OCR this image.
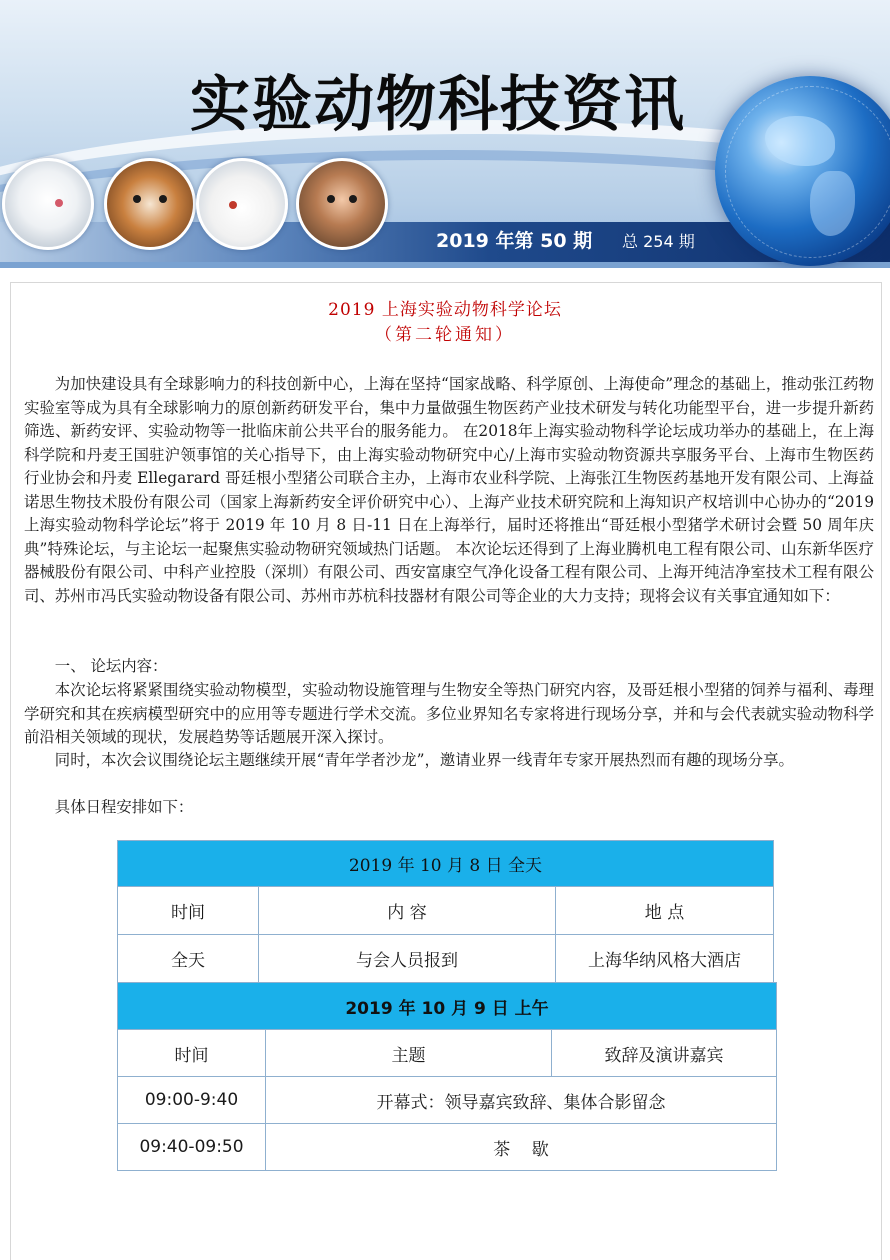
实验动物科技资讯
2019 年第 50 期 总 254 期
2019 上海实验动物科学论坛
（第二轮通知）

为加快建设具有全球影响力的科技创新中心，上海在坚持“国家战略、科学原创、上海使命”理念的基础上，推动张江药物实验室等成为具有全球影响力的原创新药研发平台，集中力量做强生物医药产业技术研发与转化功能型平台，进一步提升新药筛选、新药安评、实验动物等一批临床前公共平台的服务能力。 在2018年上海实验动物科学论坛成功举办的基础上，在上海科学院和丹麦王国驻沪领事馆的关心指导下，由上海实验动物研究中心/上海市实验动物资源共享服务平台、上海市生物医药行业协会和丹麦 Ellegarard 哥廷根小型猪公司联合主办，上海市农业科学院、上海张江生物医药基地开发有限公司、上海益诺思生物技术股份有限公司（国家上海新药安全评价研究中心）、上海产业技术研究院和上海知识产权培训中心协办的“2019 上海实验动物科学论坛”将于 2019 年 10 月 8 日-11 日在上海举行，届时还将推出“哥廷根小型猪学术研讨会暨 50 周年庆典”特殊论坛，与主论坛一起聚焦实验动物研究领域热门话题。 本次论坛还得到了上海业腾机电工程有限公司、山东新华医疗器械股份有限公司、中科产业控股（深圳）有限公司、西安富康空气净化设备工程有限公司、上海开纯洁净室技术工程有限公司、苏州市冯氏实验动物设备有限公司、苏州市苏杭科技器材有限公司等企业的大力支持；现将会议有关事宜通知如下：

一、 论坛内容：

本次论坛将紧紧围绕实验动物模型，实验动物设施管理与生物安全等热门研究内容，及哥廷根小型猪的饲养与福利、毒理学研究和其在疾病模型研究中的应用等专题进行学术交流。多位业界知名专家将进行现场分享，并和与会代表就实验动物科学前沿相关领域的现状，发展趋势等话题展开深入探讨。

同时，本次会议围绕论坛主题继续开展“青年学者沙龙”，邀请业界一线青年专家开展热烈而有趣的现场分享。

具体日程安排如下：

2019 年 10 月 8 日 全天		
时间	内 容	地 点
全天	与会人员报到	上海华纳风格大酒店
2019 年 10 月 9 日 上午		
时间	主题	致辞及演讲嘉宾
09:00-9:40	开幕式：领导嘉宾致辞、集体合影留念	
09:40-09:50	茶    歇	
